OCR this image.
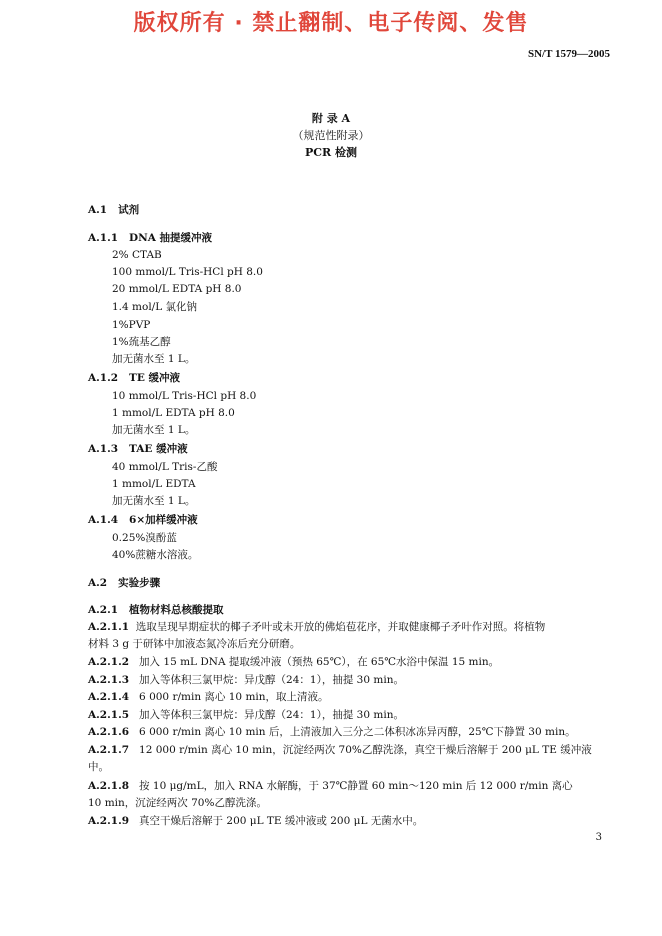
版权所有 · 禁止翻制、电子传阅、发售
SN/T 1579—2005
附 录 A
（规范性附录）
PCR 检测
A.1 试剂
A.1.1 DNA 抽提缓冲液
2% CTAB
100 mmol/L Tris-HCl pH 8.0
20 mmol/L EDTA pH 8.0
1.4 mol/L 氯化钠
1%PVP
1%巯基乙醇
加无菌水至 1 L。
A.1.2 TE 缓冲液
10 mmol/L Tris-HCl pH 8.0
1 mmol/L EDTA pH 8.0
加无菌水至 1 L。
A.1.3 TAE 缓冲液
40 mmol/L Tris-乙酸
1 mmol/L EDTA
加无菌水至 1 L。
A.1.4 6×加样缓冲液
0.25%溴酚蓝
40%蔗糖水溶液。
A.2 实验步骤
A.2.1 植物材料总核酸提取
A.2.1.1 选取呈现早期症状的椰子矛叶或未开放的佛焰苞花序，并取健康椰子矛叶作对照。将植物
材料 3 g 于研钵中加液态氮冷冻后充分研磨。
A.2.1.2 加入 15 mL DNA 提取缓冲液（预热 65℃），在 65℃水浴中保温 15 min。
A.2.1.3 加入等体积三氯甲烷：异戊醇（24：1），抽提 30 min。
A.2.1.4 6 000 r/min 离心 10 min，取上清液。
A.2.1.5 加入等体积三氯甲烷：异戊醇（24：1），抽提 30 min。
A.2.1.6 6 000 r/min 离心 10 min 后，上清液加入三分之二体积冰冻异丙醇，25℃下静置 30 min。
A.2.1.7 12 000 r/min 离心 10 min，沉淀经两次 70%乙醇洗涤，真空干燥后溶解于 200 μL TE 缓冲液
中。
A.2.1.8 按 10 μg/mL，加入 RNA 水解酶，于 37℃静置 60 min～120 min 后 12 000 r/min 离心
10 min，沉淀经两次 70%乙醇洗涤。
A.2.1.9 真空干燥后溶解于 200 μL TE 缓冲液或 200 μL 无菌水中。
3
